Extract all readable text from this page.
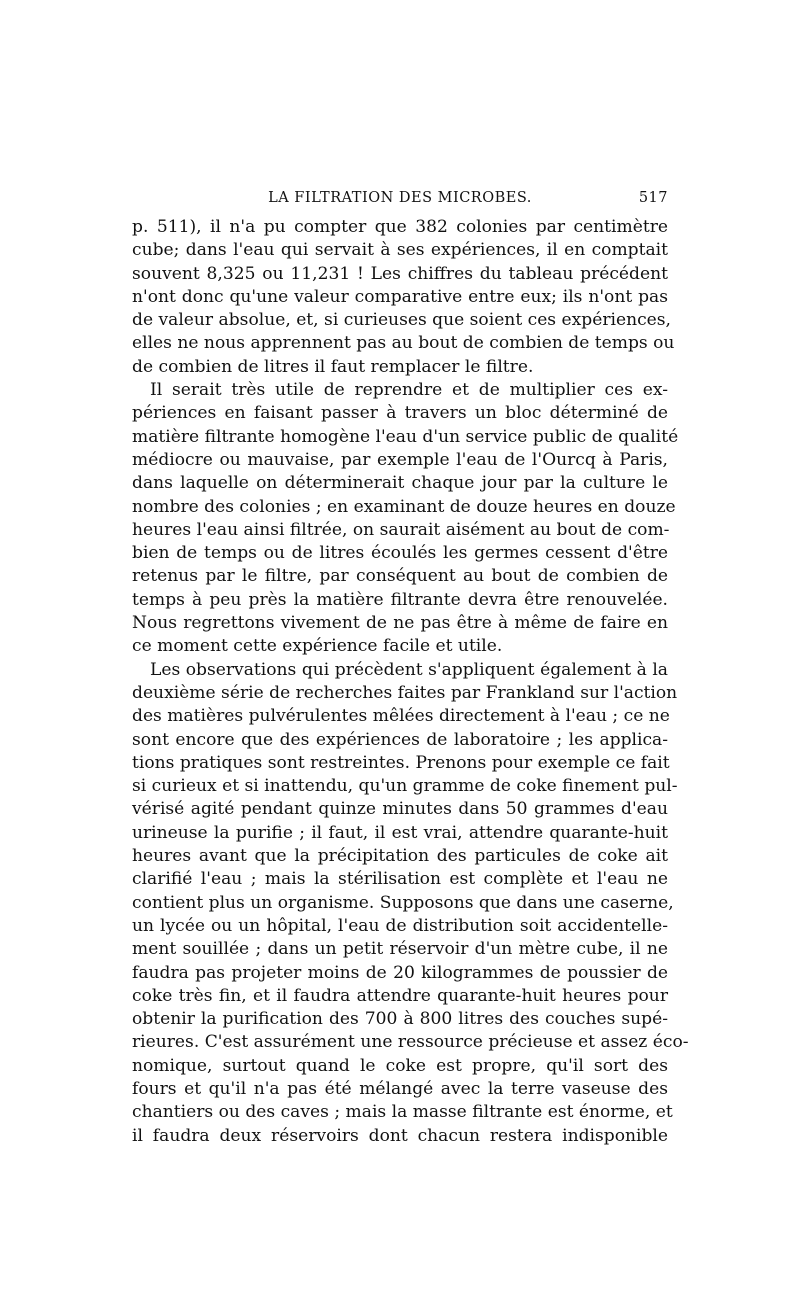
LA FILTRATION DES MICROBES.	517
p. 511), il n'a pu compter que 382 colonies par centimètre
cube; dans l'eau qui servait à ses expériences, il en comptait
souvent 8,325 ou 11,231 ! Les chiffres du tableau précédent
n'ont donc qu'une valeur comparative entre eux; ils n'ont pas
de valeur absolue, et, si curieuses que soient ces expériences,
elles ne nous apprennent pas au bout de combien de temps ou
de combien de litres il faut remplacer le filtre.
Il serait très utile de reprendre et de multiplier ces ex-
périences en faisant passer à travers un bloc déterminé de
matière filtrante homogène l'eau d'un service public de qualité
médiocre ou mauvaise, par exemple l'eau de l'Ourcq à Paris,
dans laquelle on déterminerait chaque jour par la culture le
nombre des colonies ; en examinant de douze heures en douze
heures l'eau ainsi filtrée, on saurait aisément au bout de com-
bien de temps ou de litres écoulés les germes cessent d'être
retenus par le filtre, par conséquent au bout de combien de
temps à peu près la matière filtrante devra être renouvelée.
Nous regrettons vivement de ne pas être à même de faire en
ce moment cette expérience facile et utile.
Les observations qui précèdent s'appliquent également à la
deuxième série de recherches faites par Frankland sur l'action
des matières pulvérulentes mêlées directement à l'eau ; ce ne
sont encore que des expériences de laboratoire ; les applica-
tions pratiques sont restreintes. Prenons pour exemple ce fait
si curieux et si inattendu, qu'un gramme de coke finement pul-
vérisé agité pendant quinze minutes dans 50 grammes d'eau
urineuse la purifie ; il faut, il est vrai, attendre quarante-huit
heures avant que la précipitation des particules de coke ait
clarifié l'eau ; mais la stérilisation est complète et l'eau ne
contient plus un organisme. Supposons que dans une caserne,
un lycée ou un hôpital, l'eau de distribution soit accidentelle-
ment souillée ; dans un petit réservoir d'un mètre cube, il ne
faudra pas projeter moins de 20 kilogrammes de poussier de
coke très fin, et il faudra attendre quarante-huit heures pour
obtenir la purification des 700 à 800 litres des couches supé-
rieures. C'est assurément une ressource précieuse et assez éco-
nomique, surtout quand le coke est propre, qu'il sort des
fours et qu'il n'a pas été mélangé avec la terre vaseuse des
chantiers ou des caves ; mais la masse filtrante est énorme, et
il faudra deux réservoirs dont chacun restera indisponible
